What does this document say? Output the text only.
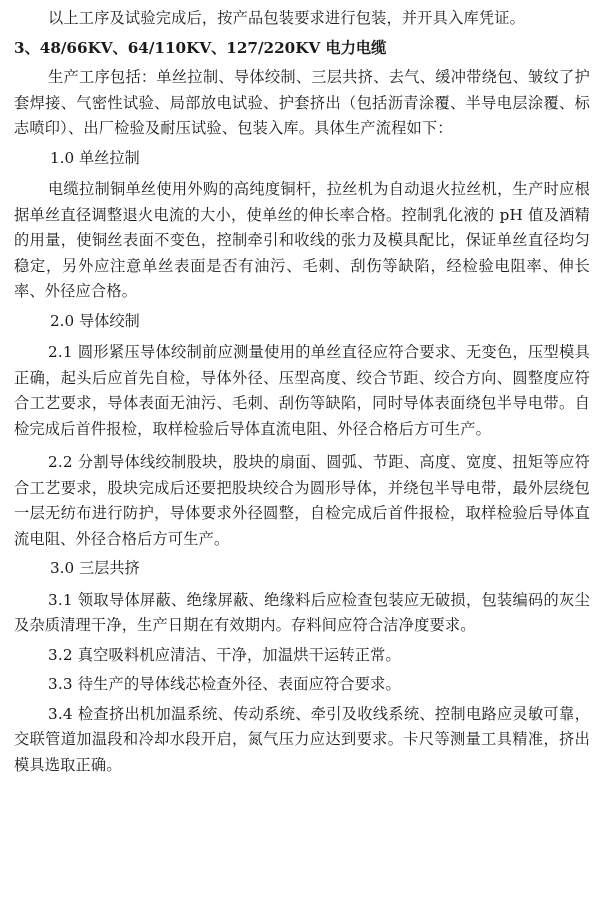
以上工序及试验完成后，按产品包装要求进行包装，并开具入库凭证。

3、48/66KV、64/110KV、127/220KV 电力电缆

生产工序包括：单丝拉制、导体绞制、三层共挤、去气、缓冲带绕包、皱纹了护套焊接、气密性试验、局部放电试验、护套挤出（包括沥青涂覆、半导电层涂覆、标志喷印）、出厂检验及耐压试验、包装入库。具体生产流程如下：

1.0 单丝拉制

电缆拉制铜单丝使用外购的高纯度铜杆，拉丝机为自动退火拉丝机，生产时应根据单丝直径调整退火电流的大小，使单丝的伸长率合格。控制乳化液的 pH 值及酒精的用量，使铜丝表面不变色，控制牵引和收线的张力及模具配比，保证单丝直径均匀稳定，另外应注意单丝表面是否有油污、毛刺、刮伤等缺陷，经检验电阻率、伸长率、外径应合格。

2.0 导体绞制

2.1 圆形紧压导体绞制前应测量使用的单丝直径应符合要求、无变色，压型模具正确，起头后应首先自检，导体外径、压型高度、绞合节距、绞合方向、圆整度应符合工艺要求，导体表面无油污、毛刺、刮伤等缺陷，同时导体表面绕包半导电带。自检完成后首件报检，取样检验后导体直流电阻、外径合格后方可生产。

2.2 分割导体线绞制股块，股块的扇面、圆弧、节距、高度、宽度、扭矩等应符合工艺要求，股块完成后还要把股块绞合为圆形导体，并绕包半导电带，最外层绕包一层无纺布进行防护，导体要求外径圆整，自检完成后首件报检，取样检验后导体直流电阻、外径合格后方可生产。

3.0 三层共挤

3.1 领取导体屏蔽、绝缘屏蔽、绝缘料后应检查包装应无破损，包装编码的灰尘及杂质清理干净，生产日期在有效期内。存料间应符合洁净度要求。

3.2 真空吸料机应清洁、干净，加温烘干运转正常。

3.3 待生产的导体线芯检查外径、表面应符合要求。

3.4 检查挤出机加温系统、传动系统、牵引及收线系统、控制电路应灵敏可靠，交联管道加温段和冷却水段开启，氮气压力应达到要求。卡尺等测量工具精准，挤出模具选取正确。
